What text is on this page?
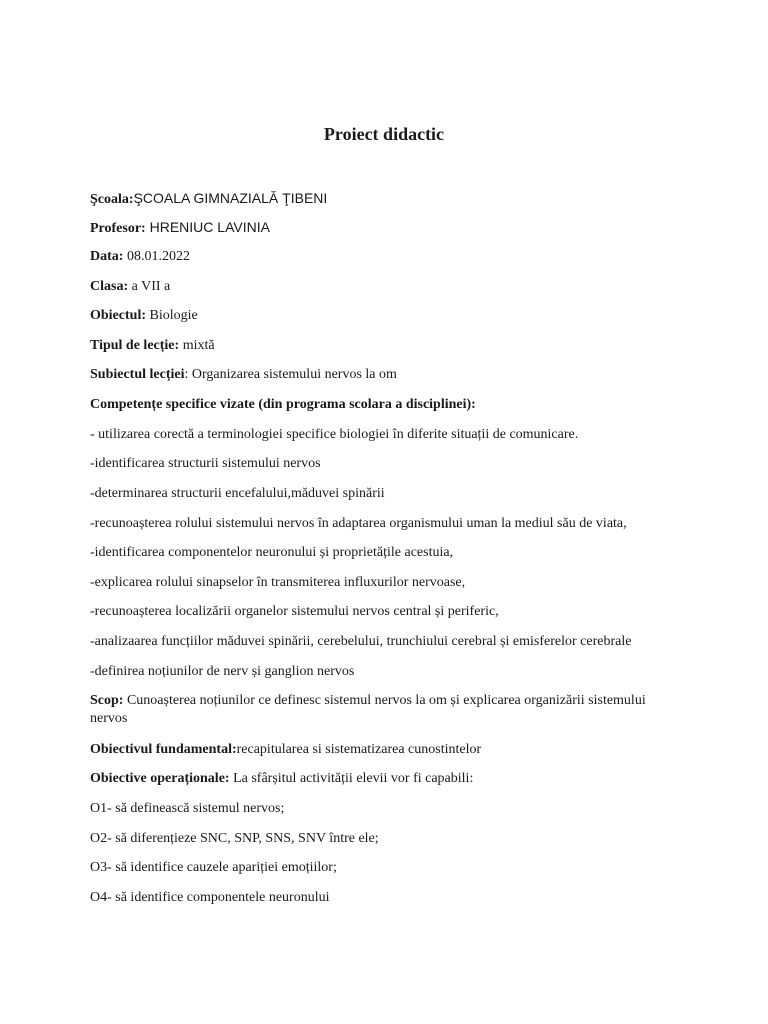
Proiect didactic

Şcoala:ŞCOALA GIMNAZIALĂ ŢIBENI

Profesor: HRENIUC LAVINIA

Data: 08.01.2022

Clasa: a VII a

Obiectul: Biologie

Tipul de lecție: mixtă

Subiectul lecției: Organizarea sistemului nervos la om

Competențe specifice vizate (din programa scolara a disciplinei):

- utilizarea corectă a terminologiei specifice biologiei în diferite situații de comunicare.

-identificarea structurii sistemului nervos

-determinarea structurii encefalului,măduvei spinării

-recunoașterea rolului sistemului nervos în adaptarea organismului uman la mediul său de viata,

-identificarea componentelor neuronului și proprietățile acestuia,

-explicarea rolului sinapselor în transmiterea influxurilor nervoase,

-recunoașterea localizării organelor sistemului nervos central și periferic,

-analizaarea funcțiilor măduvei spinării, cerebelului, trunchiului cerebral și emisferelor cerebrale

-definirea noțiunilor de nerv și ganglion nervos

Scop: Cunoașterea noțiunilor ce definesc sistemul nervos la om și explicarea organizării sistemului nervos

Obiectivul fundamental:recapitularea si sistematizarea cunostintelor

Obiective operaționale: La sfârșitul activității elevii vor fi capabili:

O1- să definească sistemul nervos;

O2- să diferențieze SNC, SNP, SNS, SNV între ele;

O3- să identifice cauzele apariției emoțiilor;

O4- să identifice componentele neuronului
